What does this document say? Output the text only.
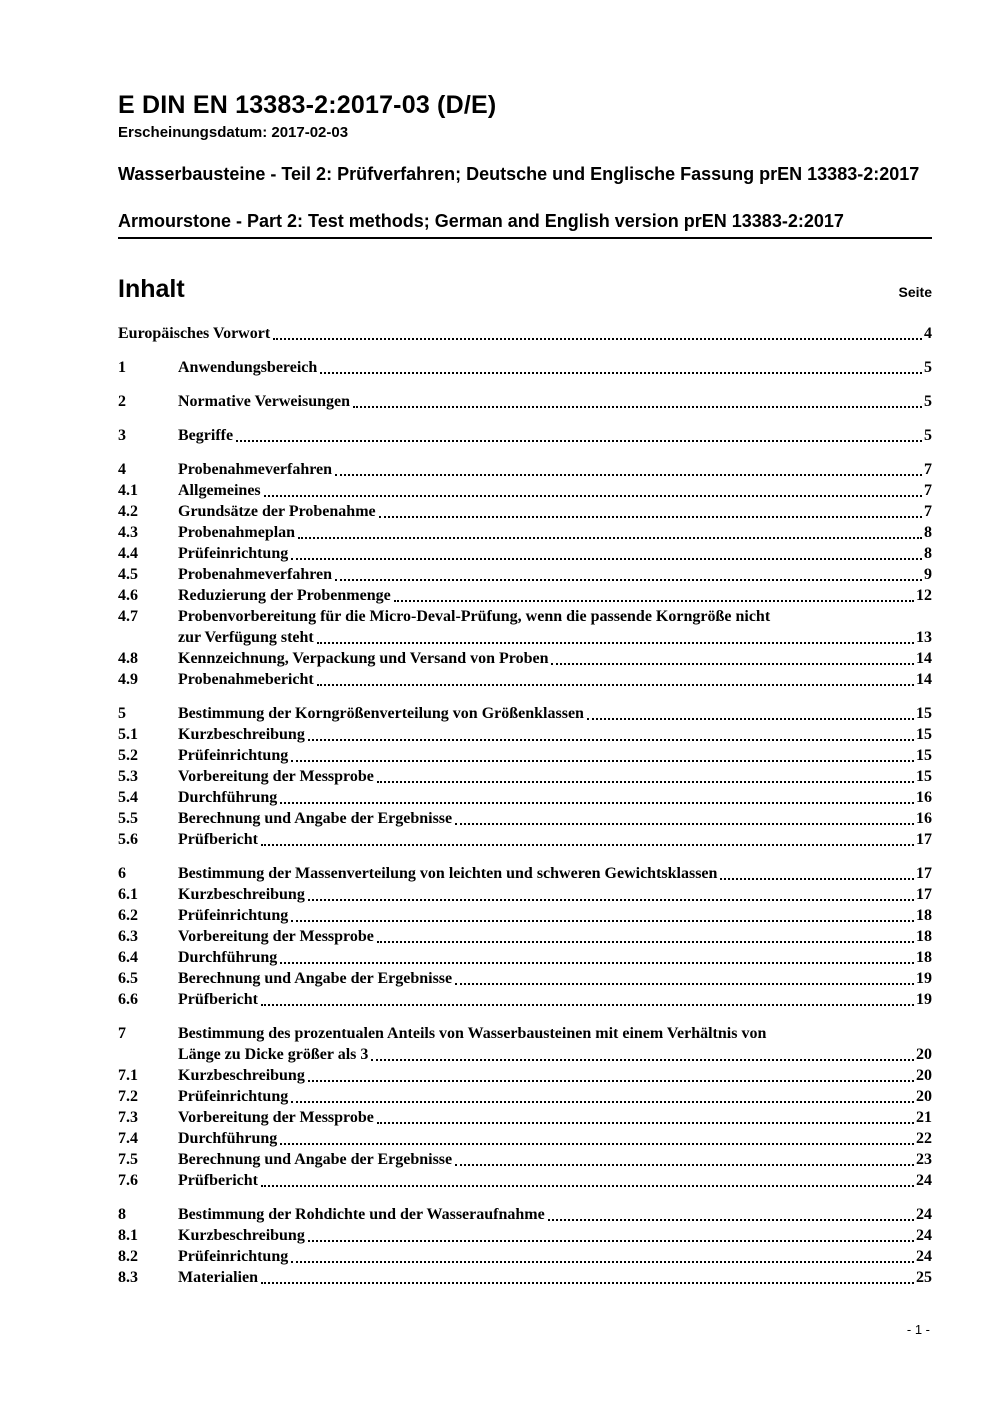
E DIN EN 13383-2:2017-03 (D/E)
Erscheinungsdatum: 2017-02-03
Wasserbausteine - Teil 2: Prüfverfahren; Deutsche und Englische Fassung prEN 13383-2:2017
Armourstone - Part 2: Test methods; German and English version prEN 13383-2:2017
Inhalt	Seite
Europäisches Vorwort	4
1	Anwendungsbereich	5
2	Normative Verweisungen	5
3	Begriffe	5
4	Probenahmeverfahren	7
4.1	Allgemeines	7
4.2	Grundsätze der Probenahme	7
4.3	Probenahmeplan	8
4.4	Prüfeinrichtung	8
4.5	Probenahmeverfahren	9
4.6	Reduzierung der Probenmenge	12
4.7	Probenvorbereitung für die Micro-Deval-Prüfung, wenn die passende Korngröße nicht
zur Verfügung steht	13
4.8	Kennzeichnung, Verpackung und Versand von Proben	14
4.9	Probenahmebericht	14
5	Bestimmung der Korngrößenverteilung von Größenklassen	15
5.1	Kurzbeschreibung	15
5.2	Prüfeinrichtung	15
5.3	Vorbereitung der Messprobe	15
5.4	Durchführung	16
5.5	Berechnung und Angabe der Ergebnisse	16
5.6	Prüfbericht	17
6	Bestimmung der Massenverteilung von leichten und schweren Gewichtsklassen	17
6.1	Kurzbeschreibung	17
6.2	Prüfeinrichtung	18
6.3	Vorbereitung der Messprobe	18
6.4	Durchführung	18
6.5	Berechnung und Angabe der Ergebnisse	19
6.6	Prüfbericht	19
7	Bestimmung des prozentualen Anteils von Wasserbausteinen mit einem Verhältnis von
Länge zu Dicke größer als 3	20
7.1	Kurzbeschreibung	20
7.2	Prüfeinrichtung	20
7.3	Vorbereitung der Messprobe	21
7.4	Durchführung	22
7.5	Berechnung und Angabe der Ergebnisse	23
7.6	Prüfbericht	24
8	Bestimmung der Rohdichte und der Wasseraufnahme	24
8.1	Kurzbeschreibung	24
8.2	Prüfeinrichtung	24
8.3	Materialien	25
- 1 -
